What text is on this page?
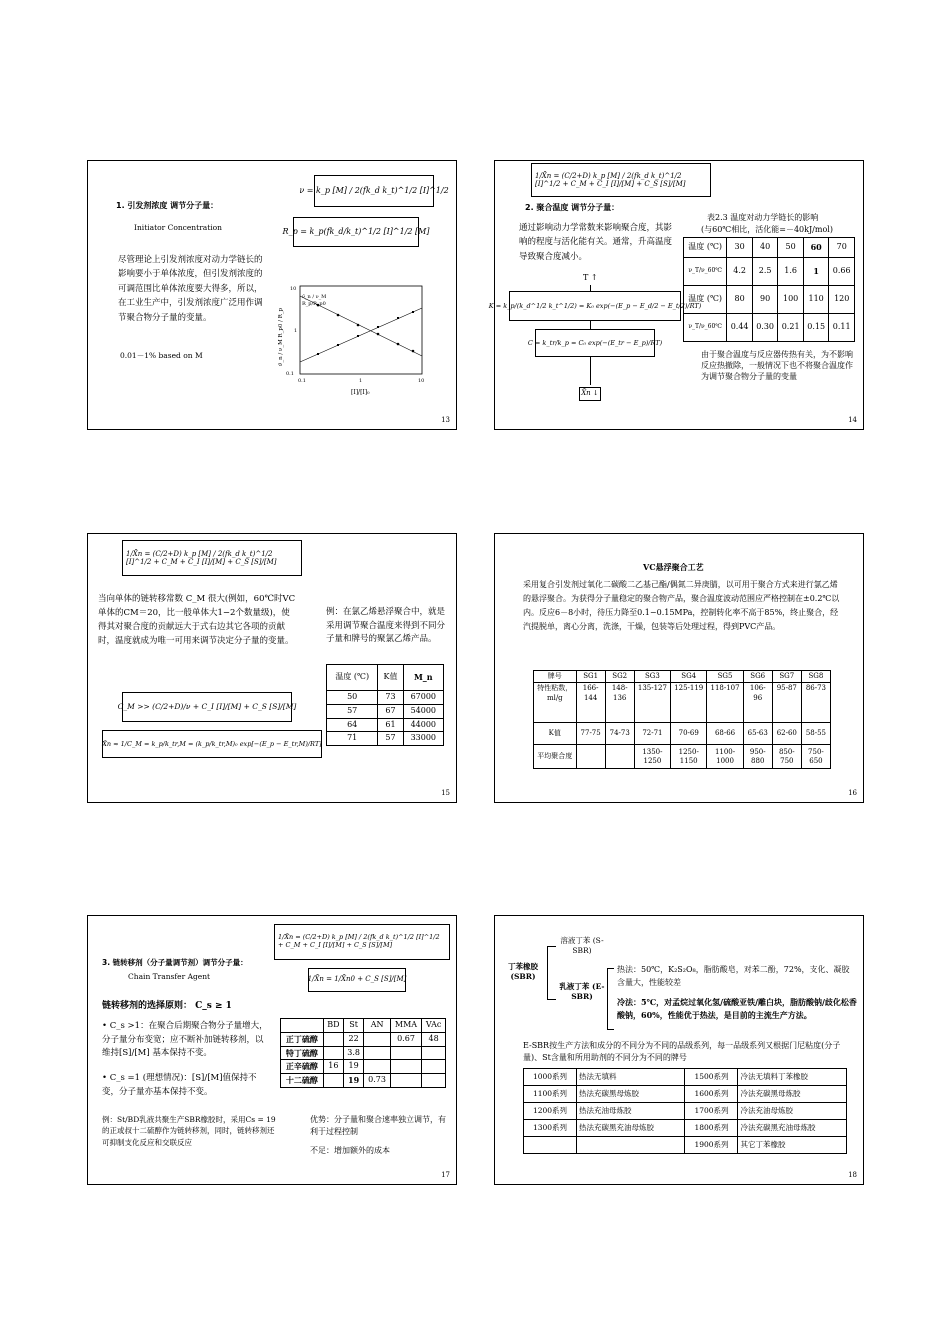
ν = k_p [M] / 2(fk_d k_t)^1/2 [I]^1/2
R_p = k_p(fk_d/k_t)^1/2 [I]^1/2 [M]
1. 引发剂浓度 调节分子量：
Initiator Concentration
尽管理论上引发剂浓度对动力学链长的影响要小于单体浓度，但引发剂浓度的可调范围比单体浓度要大得多，所以，在工业生产中，引发剂浓度广泛用作调节聚合物分子量的变量。
0.01－1% based on M
ν̄_n / ν_M
R_p/R_p0
10
1
0.1
0.1	1	10
[I]/[I]₀
ν̄_n / ν_M R_p0 / R_p
13
1/X̄n = (C/2+D) k_p [M] / 2(fk_d k_t)^1/2 [I]^1/2 + C_M + C_I [I]/[M] + C_S [S]/[M]
2. 聚合温度 调节分子量：
通过影响动力学常数来影响聚合度，其影响的程度与活化能有关。通常，升高温度导致聚合度减小。
T ↑
K = k_p/(k_d^1/2 k_t^1/2) = K₀ exp(−(E_p − E_d/2 − E_t/2)/RT)
C = k_tr/k_p = C₀ exp(−(E_tr − E_p)/RT)
X̄n ↓
表2.3 温度对动力学链长的影响
(与60℃相比，活化能=－40kJ/mol)
温度 (℃)	30	40	50	60	70
ν_T/ν_60℃	4.2	2.5	1.6	1	0.66
温度 (℃)	80	90	100	110	120
ν_T/ν_60℃	0.44	0.30	0.21	0.15	0.11
由于聚合温度与反应器传热有关，为不影响反应热撤除，一般情况下也不将聚合温度作为调节聚合物分子量的变量
14
1/X̄n = (C/2+D) k_p [M] / 2(fk_d k_t)^1/2 [I]^1/2 + C_M + C_I [I]/[M] + C_S [S]/[M]
当向单体的链转移常数 C_M 很大(例如，60℃时VC单体的CM＝20，比一般单体大1−2个数量级)，使得其对聚合度的贡献远大于式右边其它各项的贡献时，温度就成为唯一可用来调节决定分子量的变量。
例：在氯乙烯悬浮聚合中，就是采用调节聚合温度来得到不同分子量和牌号的聚氯乙烯产品。
C_M >> (C/2+D)/ν + C_I [I]/[M] + C_S [S]/[M]
X̄n ≈ 1/C_M = k_p/k_tr,M = (k_p/k_tr,M)₀ exp[−(E_p − E_tr,M)/RT]
温度 (℃)	K值	M_n
50	73	67000
57	67	54000
64	61	44000
71	57	33000
15
VC悬浮聚合工艺
采用复合引发剂过氧化二碳酸二乙基己酯/偶氮二异庚腈，以可用于聚合方式来进行氯乙烯的悬浮聚合。为获得分子量稳定的聚合物产品，聚合温度波动范围应严格控制在±0.2℃以内。反应6－8小时，待压力降至0.1−0.15MPa，控制转化率不高于85%，终止聚合，经汽提脱单，离心分离，洗涤，干燥，包装等后处理过程，得到PVC产品。
牌号	SG1	SG2	SG3	SG4	SG5	SG6	SG7	SG8
特性粘数，ml/g	166-144	148-136	135-127	125-119	118-107	106-96	95-87	86-73
K值	77-75	74-73	72-71	70-69	68-66	65-63	62-60	58-55
平均聚合度			1350-1250	1250-1150	1100-1000	950-880	850-750	750-650
16
1/X̄n = (C/2+D) k_p [M] / 2(fk_d k_t)^1/2 [I]^1/2 + C_M + C_I [I]/[M] + C_S [S]/[M]
1/X̄n = 1/X̄n0 + C_S [S]/[M]
3. 链转移剂（分子量调节剂）调节分子量：
Chain Transfer Agent
链转移剂的选择原则： C_s ≥ 1
• C_s >1：在聚合后期聚合物分子量增大，分子量分布变宽；应不断补加链转移剂，以维持[S]/[M] 基本保持不变。
• C_s =1 (理想情况)：[S]/[M]值保持不变，分子量亦基本保持不变。
	BD	St	AN	MMA	VAc
正丁硫醇		22		0.67	48
特丁硫醇		3.8			
正辛硫醇	16	19			
十二硫醇		19	0.73		
例：St/BD乳液共聚生产SBR橡胶时，采用Cs = 19的正或叔十二硫醇作为链转移剂，同时，链转移剂还可抑制支化反应和交联反应
优势：分子量和聚合速率独立调节，有利于过程控制
不足：增加额外的成本
17
丁苯橡胶 (SBR)
溶液丁苯 (S-SBR)
乳液丁苯 (E-SBR)
热法：50℃，K₂S₂O₈，脂肪酸皂，对苯二酚，72%，支化、凝胶含量大，性能较差
冷法：5℃，对孟烷过氧化氢/硫酸亚铁/雕白块，脂肪酸钠/歧化松香酸钠，60%，性能优于热法，是目前的主流生产方法。
E-SBR按生产方法和成分的不同分为不同的品级系列，每一品级系列又根据门尼粘度(分子量)、St含量和所用助剂的不同分为不同的牌号
1000系列	热法无填料	1500系列	冷法无填料丁苯橡胶
1100系列	热法充碳黑母炼胶	1600系列	冷法充碳黑母炼胶
1200系列	热法充油母炼胶	1700系列	冷法充油母炼胶
1300系列	热法充碳黑充油母炼胶	1800系列	冷法充碳黑充油母炼胶
		1900系列	其它丁苯橡胶
18
